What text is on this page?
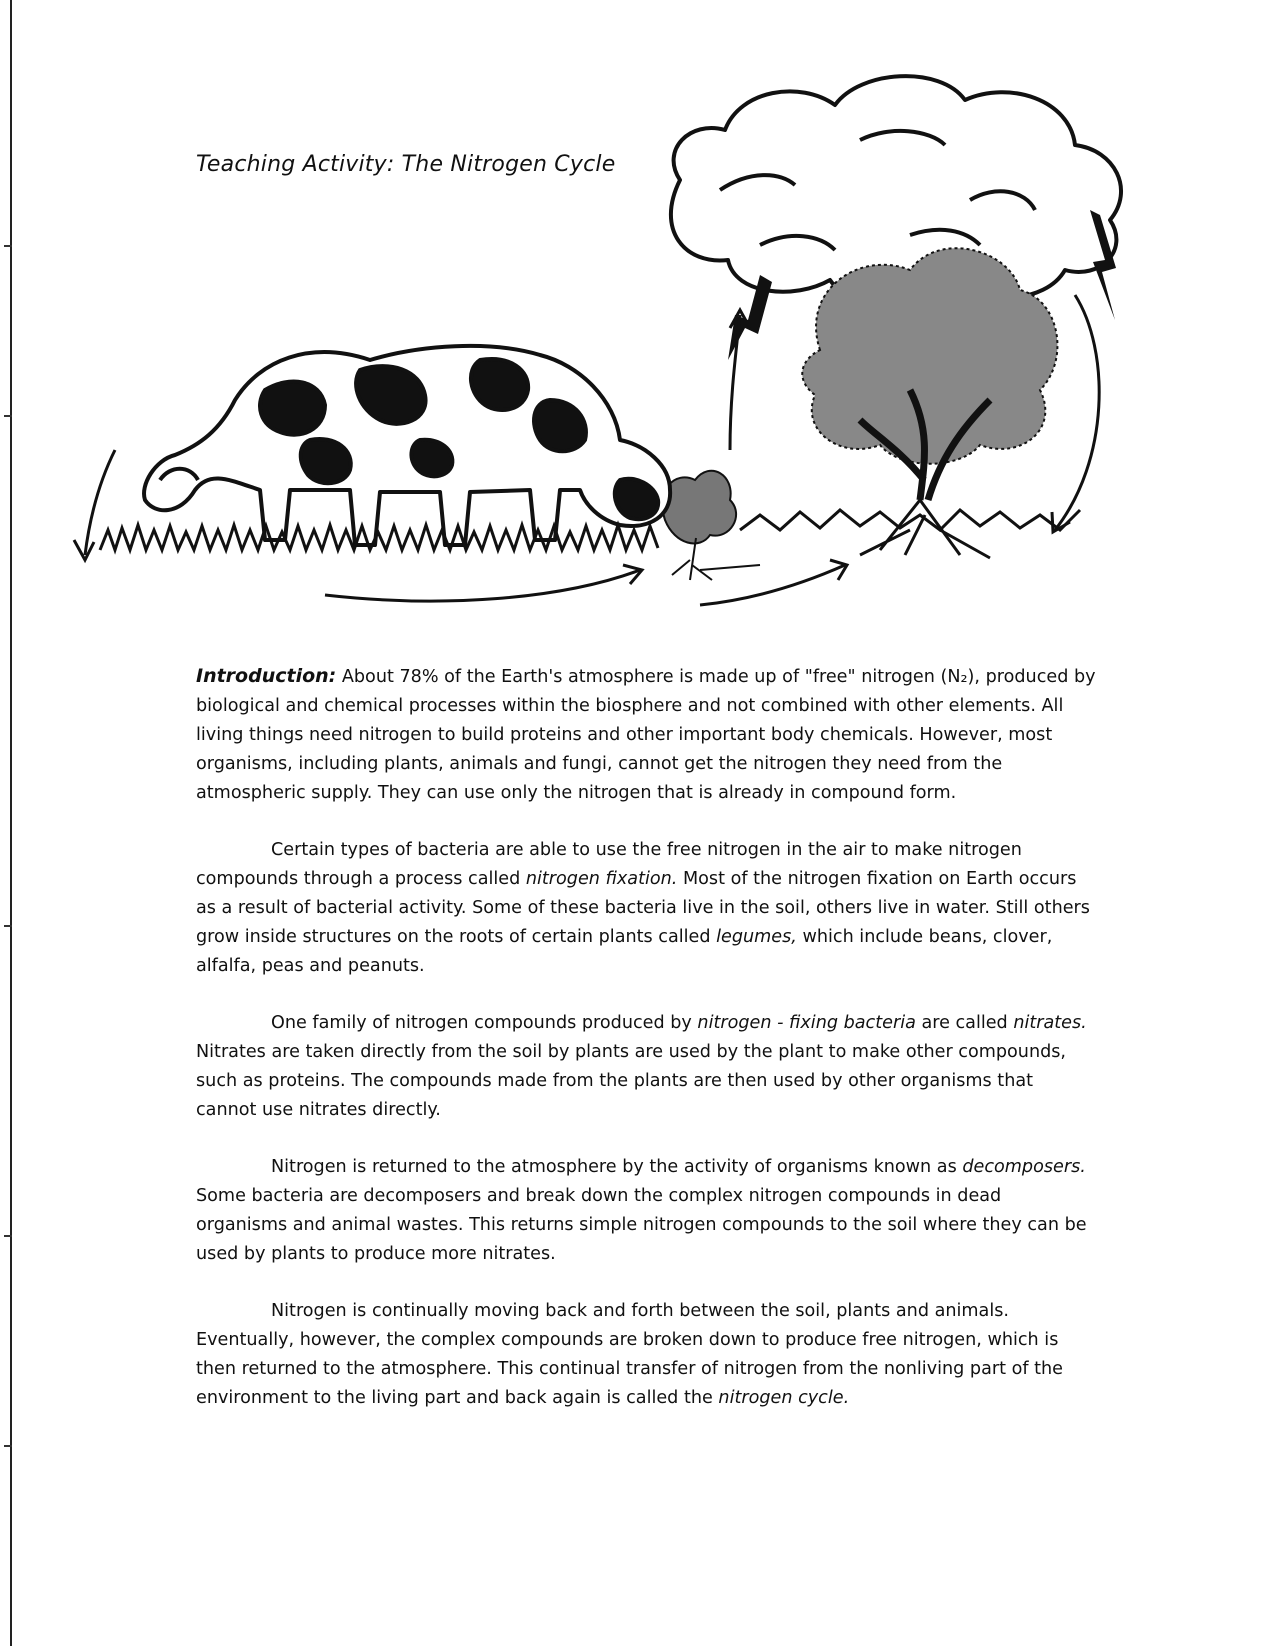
Teaching Activity: The Nitrogen Cycle

Introduction: About 78% of the Earth's atmosphere is made up of "free" nitrogen (N₂), produced by biological and chemical processes within the biosphere and not combined with other elements. All living things need nitrogen to build proteins and other important body chemicals. However, most organisms, including plants, animals and fungi, cannot get the nitrogen they need from the atmospheric supply. They can use only the nitrogen that is already in compound form.

Certain types of bacteria are able to use the free nitrogen in the air to make nitrogen compounds through a process called nitrogen fixation. Most of the nitrogen fixation on Earth occurs as a result of bacterial activity. Some of these bacteria live in the soil, others live in water. Still others grow inside structures on the roots of certain plants called legumes, which include beans, clover, alfalfa, peas and peanuts.

One family of nitrogen compounds produced by nitrogen - fixing bacteria are called nitrates. Nitrates are taken directly from the soil by plants are used by the plant to make other compounds, such as proteins. The compounds made from the plants are then used by other organisms that cannot use nitrates directly.

Nitrogen is returned to the atmosphere by the activity of organisms known as decomposers. Some bacteria are decomposers and break down the complex nitrogen compounds in dead organisms and animal wastes. This returns simple nitrogen compounds to the soil where they can be used by plants to produce more nitrates.

Nitrogen is continually moving back and forth between the soil, plants and animals. Eventually, however, the complex compounds are broken down to produce free nitrogen, which is then returned to the atmosphere. This continual transfer of nitrogen from the nonliving part of the environment to the living part and back again is called the nitrogen cycle.
